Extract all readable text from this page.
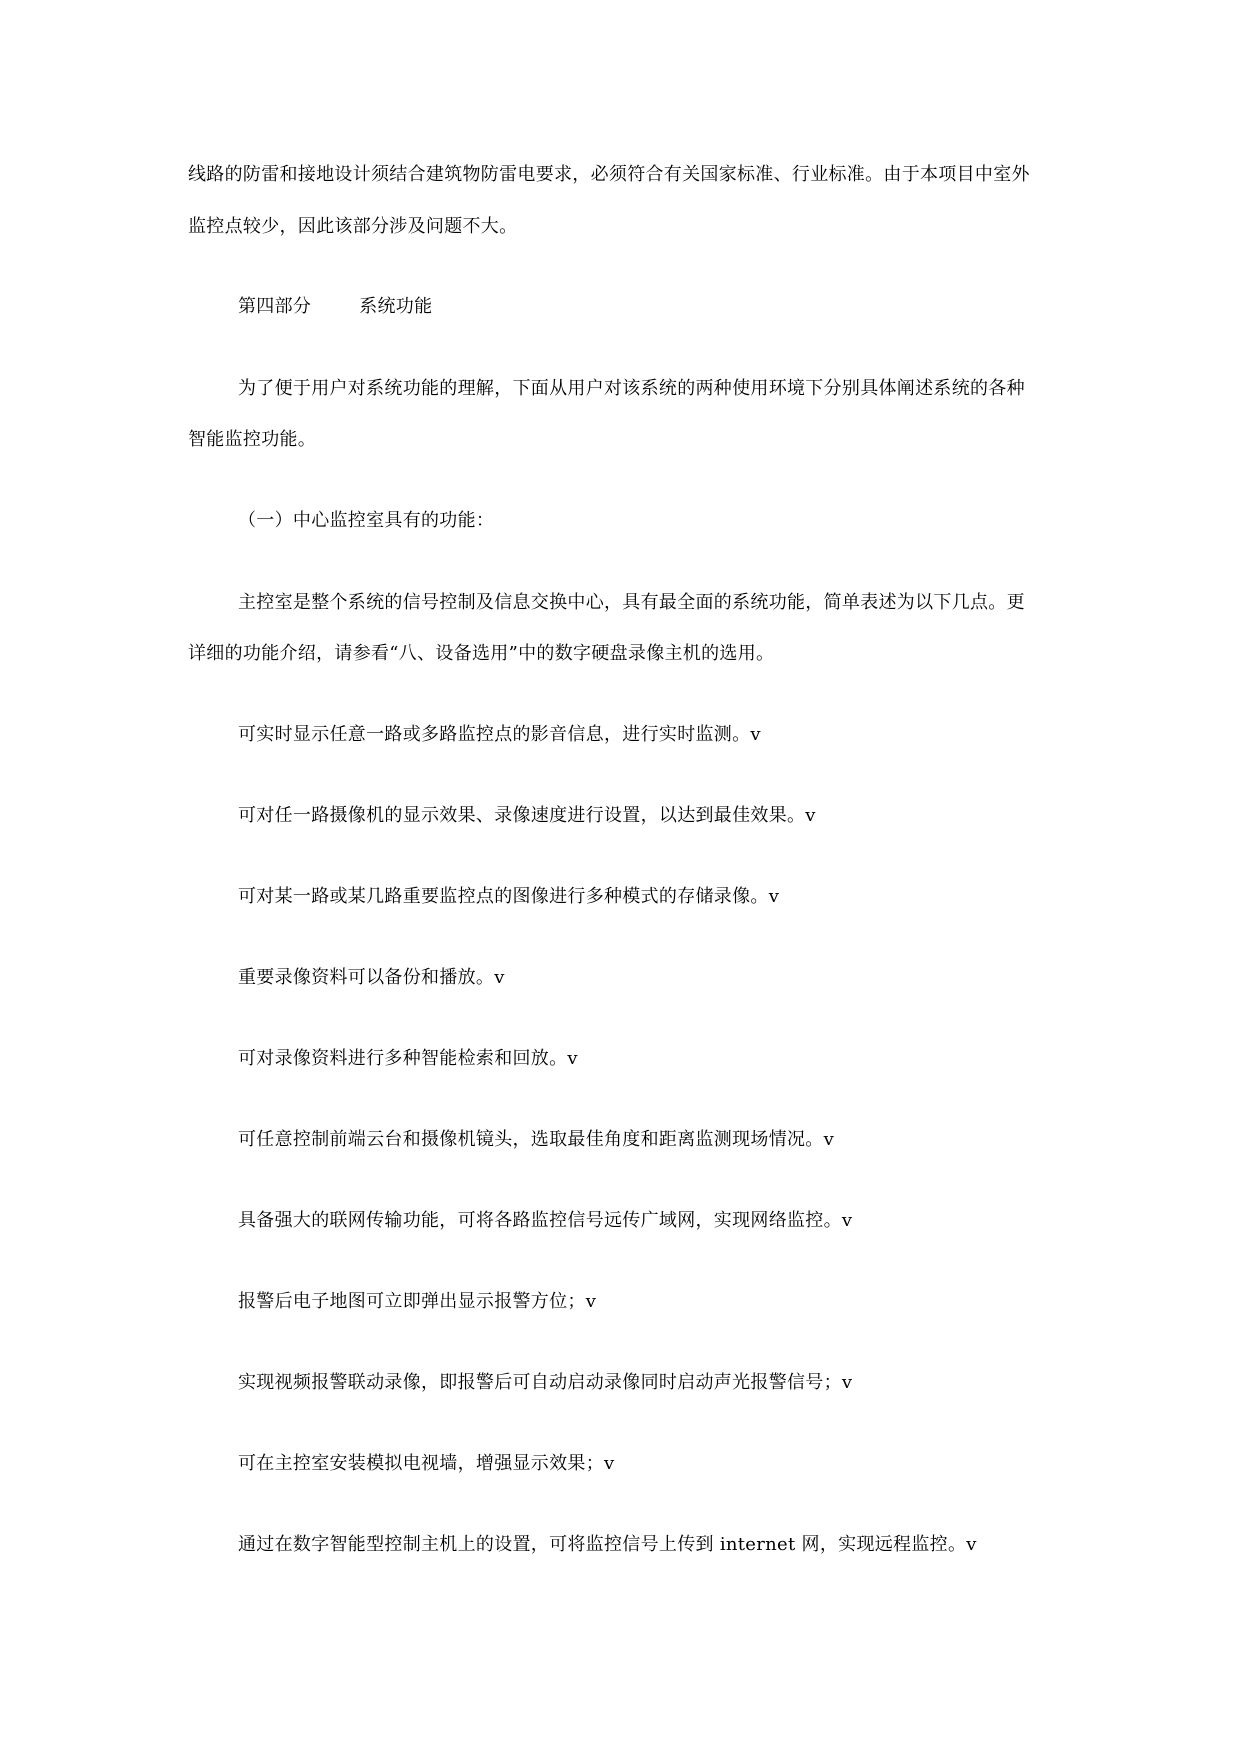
线路的防雷和接地设计须结合建筑物防雷电要求，必须符合有关国家标准、行业标准。由于本项目中室外
监控点较少，因此该部分涉及问题不大。
第四部分	系统功能
为了便于用户对系统功能的理解，下面从用户对该系统的两种使用环境下分别具体阐述系统的各种
智能监控功能。
（一）中心监控室具有的功能：
主控室是整个系统的信号控制及信息交换中心，具有最全面的系统功能，简单表述为以下几点。更
详细的功能介绍，请参看“八、设备选用”中的数字硬盘录像主机的选用。
可实时显示任意一路或多路监控点的影音信息，进行实时监测。v
可对任一路摄像机的显示效果、录像速度进行设置，以达到最佳效果。v
可对某一路或某几路重要监控点的图像进行多种模式的存储录像。v
重要录像资料可以备份和播放。v
可对录像资料进行多种智能检索和回放。v
可任意控制前端云台和摄像机镜头，选取最佳角度和距离监测现场情况。v
具备强大的联网传输功能，可将各路监控信号远传广域网，实现网络监控。v
报警后电子地图可立即弹出显示报警方位；v
实现视频报警联动录像，即报警后可自动启动录像同时启动声光报警信号；v
可在主控室安装模拟电视墙，增强显示效果；v
通过在数字智能型控制主机上的设置，可将监控信号上传到 internet 网，实现远程监控。v
